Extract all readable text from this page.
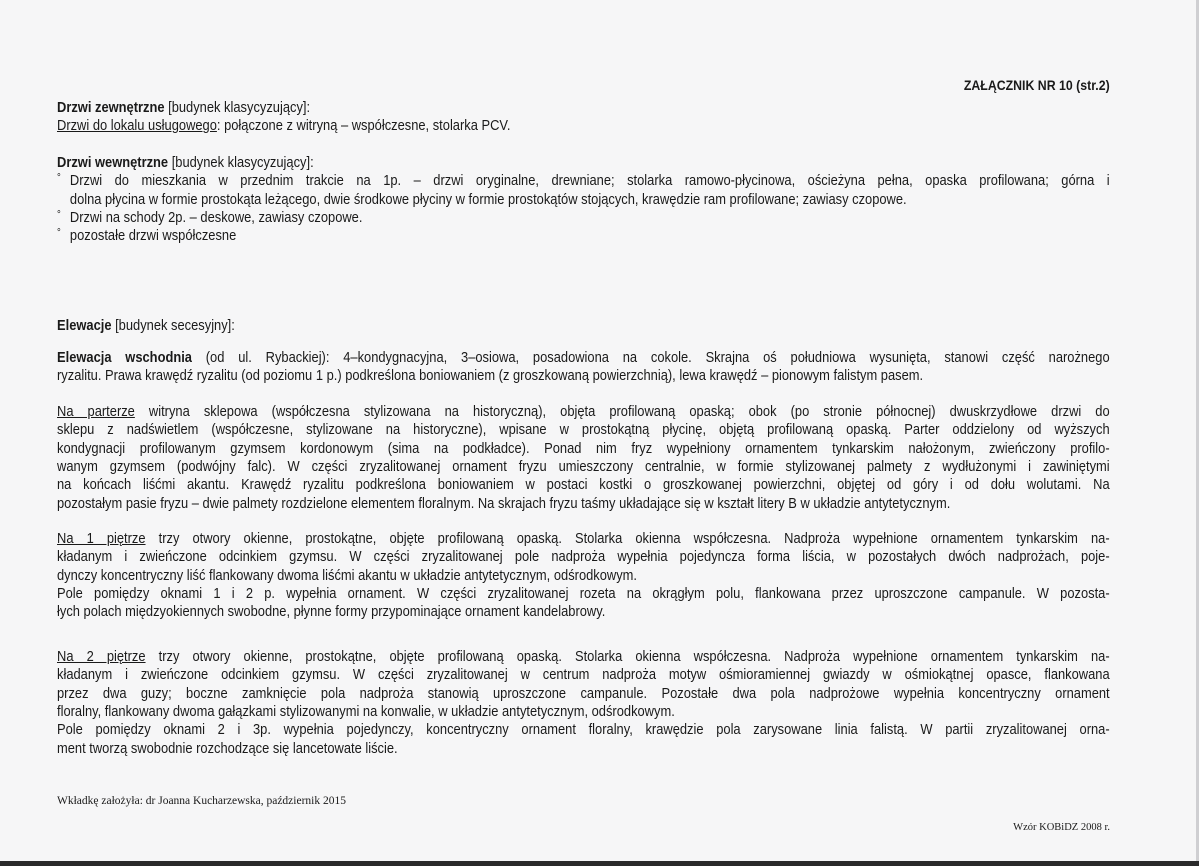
ZAŁĄCZNIK NR 10 (str.2)
Drzwi zewnętrzne [budynek klasycyzujący]:
Drzwi do lokalu usługowego: połączone z witryną – współczesne, stolarka PCV.
Drzwi wewnętrzne [budynek klasycyzujący]:
° Drzwi do mieszkania w przednim trakcie na 1p. – drzwi oryginalne, drewniane; stolarka ramowo-płycinowa, ościeżyna pełna, opaska profilowana; górna i
dolna płycina w formie prostokąta leżącego, dwie środkowe płyciny w formie prostokątów stojących, krawędzie ram profilowane; zawiasy czopowe.
° Drzwi na schody 2p. – deskowe, zawiasy czopowe.
° pozostałe drzwi współczesne
Elewacje [budynek secesyjny]:
Elewacja wschodnia (od ul. Rybackiej): 4–kondygnacyjna, 3–osiowa, posadowiona na cokole. Skrajna oś południowa wysunięta, stanowi część narożnego
ryzalitu. Prawa krawędź ryzalitu (od poziomu 1 p.) podkreślona boniowaniem (z groszkowaną powierzchnią), lewa krawędź – pionowym falistym pasem.
Na parterze witryna sklepowa (współczesna stylizowana na historyczną), objęta profilowaną opaską; obok (po stronie północnej) dwuskrzydłowe drzwi do
sklepu z nadświetlem (współczesne, stylizowane na historyczne), wpisane w prostokątną płycinę, objętą profilowaną opaską. Parter oddzielony od wyższych
kondygnacji profilowanym gzymsem kordonowym (sima na podkładce). Ponad nim fryz wypełniony ornamentem tynkarskim nałożonym, zwieńczony profilo-
wanym gzymsem (podwójny falc). W części zryzalitowanej ornament fryzu umieszczony centralnie, w formie stylizowanej palmety z wydłużonymi i zawiniętymi
na końcach liśćmi akantu. Krawędź ryzalitu podkreślona boniowaniem w postaci kostki o groszkowanej powierzchni, objętej od góry i od dołu wolutami. Na
pozostałym pasie fryzu – dwie palmety rozdzielone elementem floralnym. Na skrajach fryzu taśmy układające się w kształt litery B w układzie antytetycznym.
Na 1 piętrze trzy otwory okienne, prostokątne, objęte profilowaną opaską. Stolarka okienna współczesna. Nadproża wypełnione ornamentem tynkarskim na-
kładanym i zwieńczone odcinkiem gzymsu. W części zryzalitowanej pole nadproża wypełnia pojedyncza forma liścia, w pozostałych dwóch nadprożach, poje-
dynczy koncentryczny liść flankowany dwoma liśćmi akantu w układzie antytetycznym, odśrodkowym.
Pole pomiędzy oknami 1 i 2 p. wypełnia ornament. W części zryzalitowanej rozeta na okrągłym polu, flankowana przez uproszczone campanule. W pozosta-
łych polach międzyokiennych swobodne, płynne formy przypominające ornament kandelabrowy.
Na 2 piętrze trzy otwory okienne, prostokątne, objęte profilowaną opaską. Stolarka okienna współczesna. Nadproża wypełnione ornamentem tynkarskim na-
kładanym i zwieńczone odcinkiem gzymsu. W części zryzalitowanej w centrum nadproża motyw ośmioramiennej gwiazdy w ośmiokątnej opasce, flankowana
przez dwa guzy; boczne zamknięcie pola nadproża stanowią uproszczone campanule. Pozostałe dwa pola nadprożowe wypełnia koncentryczny ornament
floralny, flankowany dwoma gałązkami stylizowanymi na konwalie, w układzie antytetycznym, odśrodkowym.
Pole pomiędzy oknami 2 i 3p. wypełnia pojedynczy, koncentryczny ornament floralny, krawędzie pola zarysowane linia falistą. W partii zryzalitowanej orna-
ment tworzą swobodnie rozchodzące się lancetowate liście.
Wkładkę założyła: dr Joanna Kucharzewska, październik 2015
Wzór KOBiDZ 2008 r.
